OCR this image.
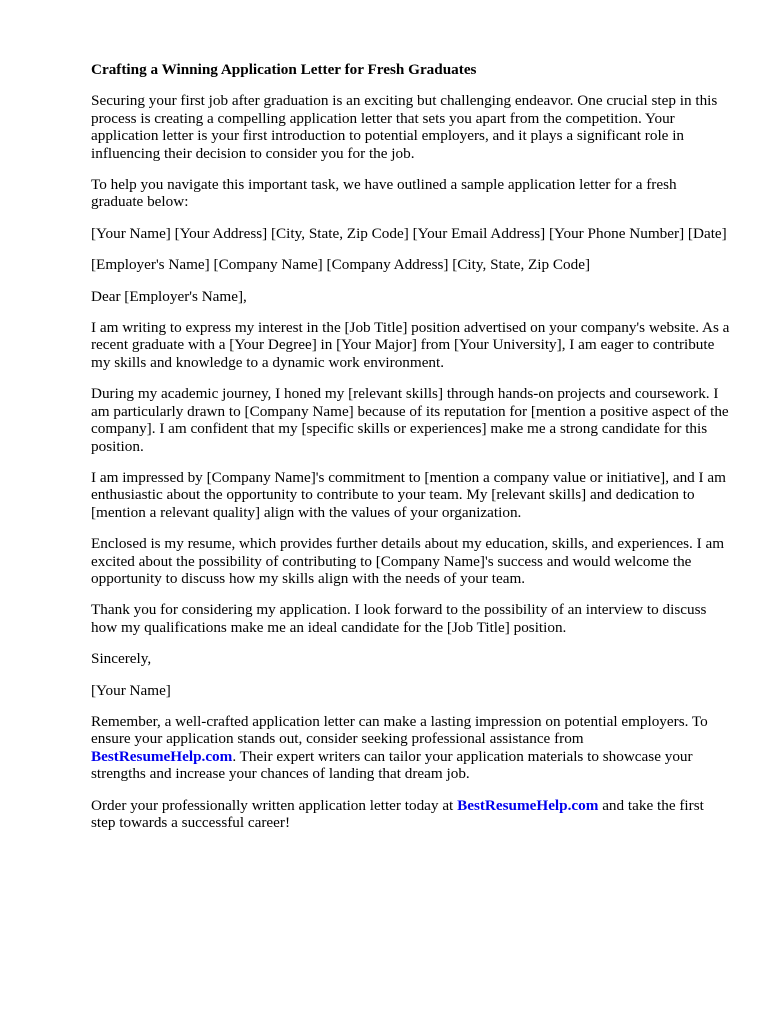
Crafting a Winning Application Letter for Fresh Graduates

Securing your first job after graduation is an exciting but challenging endeavor. One crucial step in this process is creating a compelling application letter that sets you apart from the competition. Your application letter is your first introduction to potential employers, and it plays a significant role in influencing their decision to consider you for the job.

To help you navigate this important task, we have outlined a sample application letter for a fresh graduate below:

[Your Name] [Your Address] [City, State, Zip Code] [Your Email Address] [Your Phone Number] [Date]

[Employer's Name] [Company Name] [Company Address] [City, State, Zip Code]

Dear [Employer's Name],

I am writing to express my interest in the [Job Title] position advertised on your company's website. As a recent graduate with a [Your Degree] in [Your Major] from [Your University], I am eager to contribute my skills and knowledge to a dynamic work environment.

During my academic journey, I honed my [relevant skills] through hands-on projects and coursework. I am particularly drawn to [Company Name] because of its reputation for [mention a positive aspect of the company]. I am confident that my [specific skills or experiences] make me a strong candidate for this position.

I am impressed by [Company Name]'s commitment to [mention a company value or initiative], and I am enthusiastic about the opportunity to contribute to your team. My [relevant skills] and dedication to [mention a relevant quality] align with the values of your organization.

Enclosed is my resume, which provides further details about my education, skills, and experiences. I am excited about the possibility of contributing to [Company Name]'s success and would welcome the opportunity to discuss how my skills align with the needs of your team.

Thank you for considering my application. I look forward to the possibility of an interview to discuss how my qualifications make me an ideal candidate for the [Job Title] position.

Sincerely,

[Your Name]

Remember, a well-crafted application letter can make a lasting impression on potential employers. To ensure your application stands out, consider seeking professional assistance from BestResumeHelp.com. Their expert writers can tailor your application materials to showcase your strengths and increase your chances of landing that dream job.

Order your professionally written application letter today at BestResumeHelp.com and take the first step towards a successful career!
